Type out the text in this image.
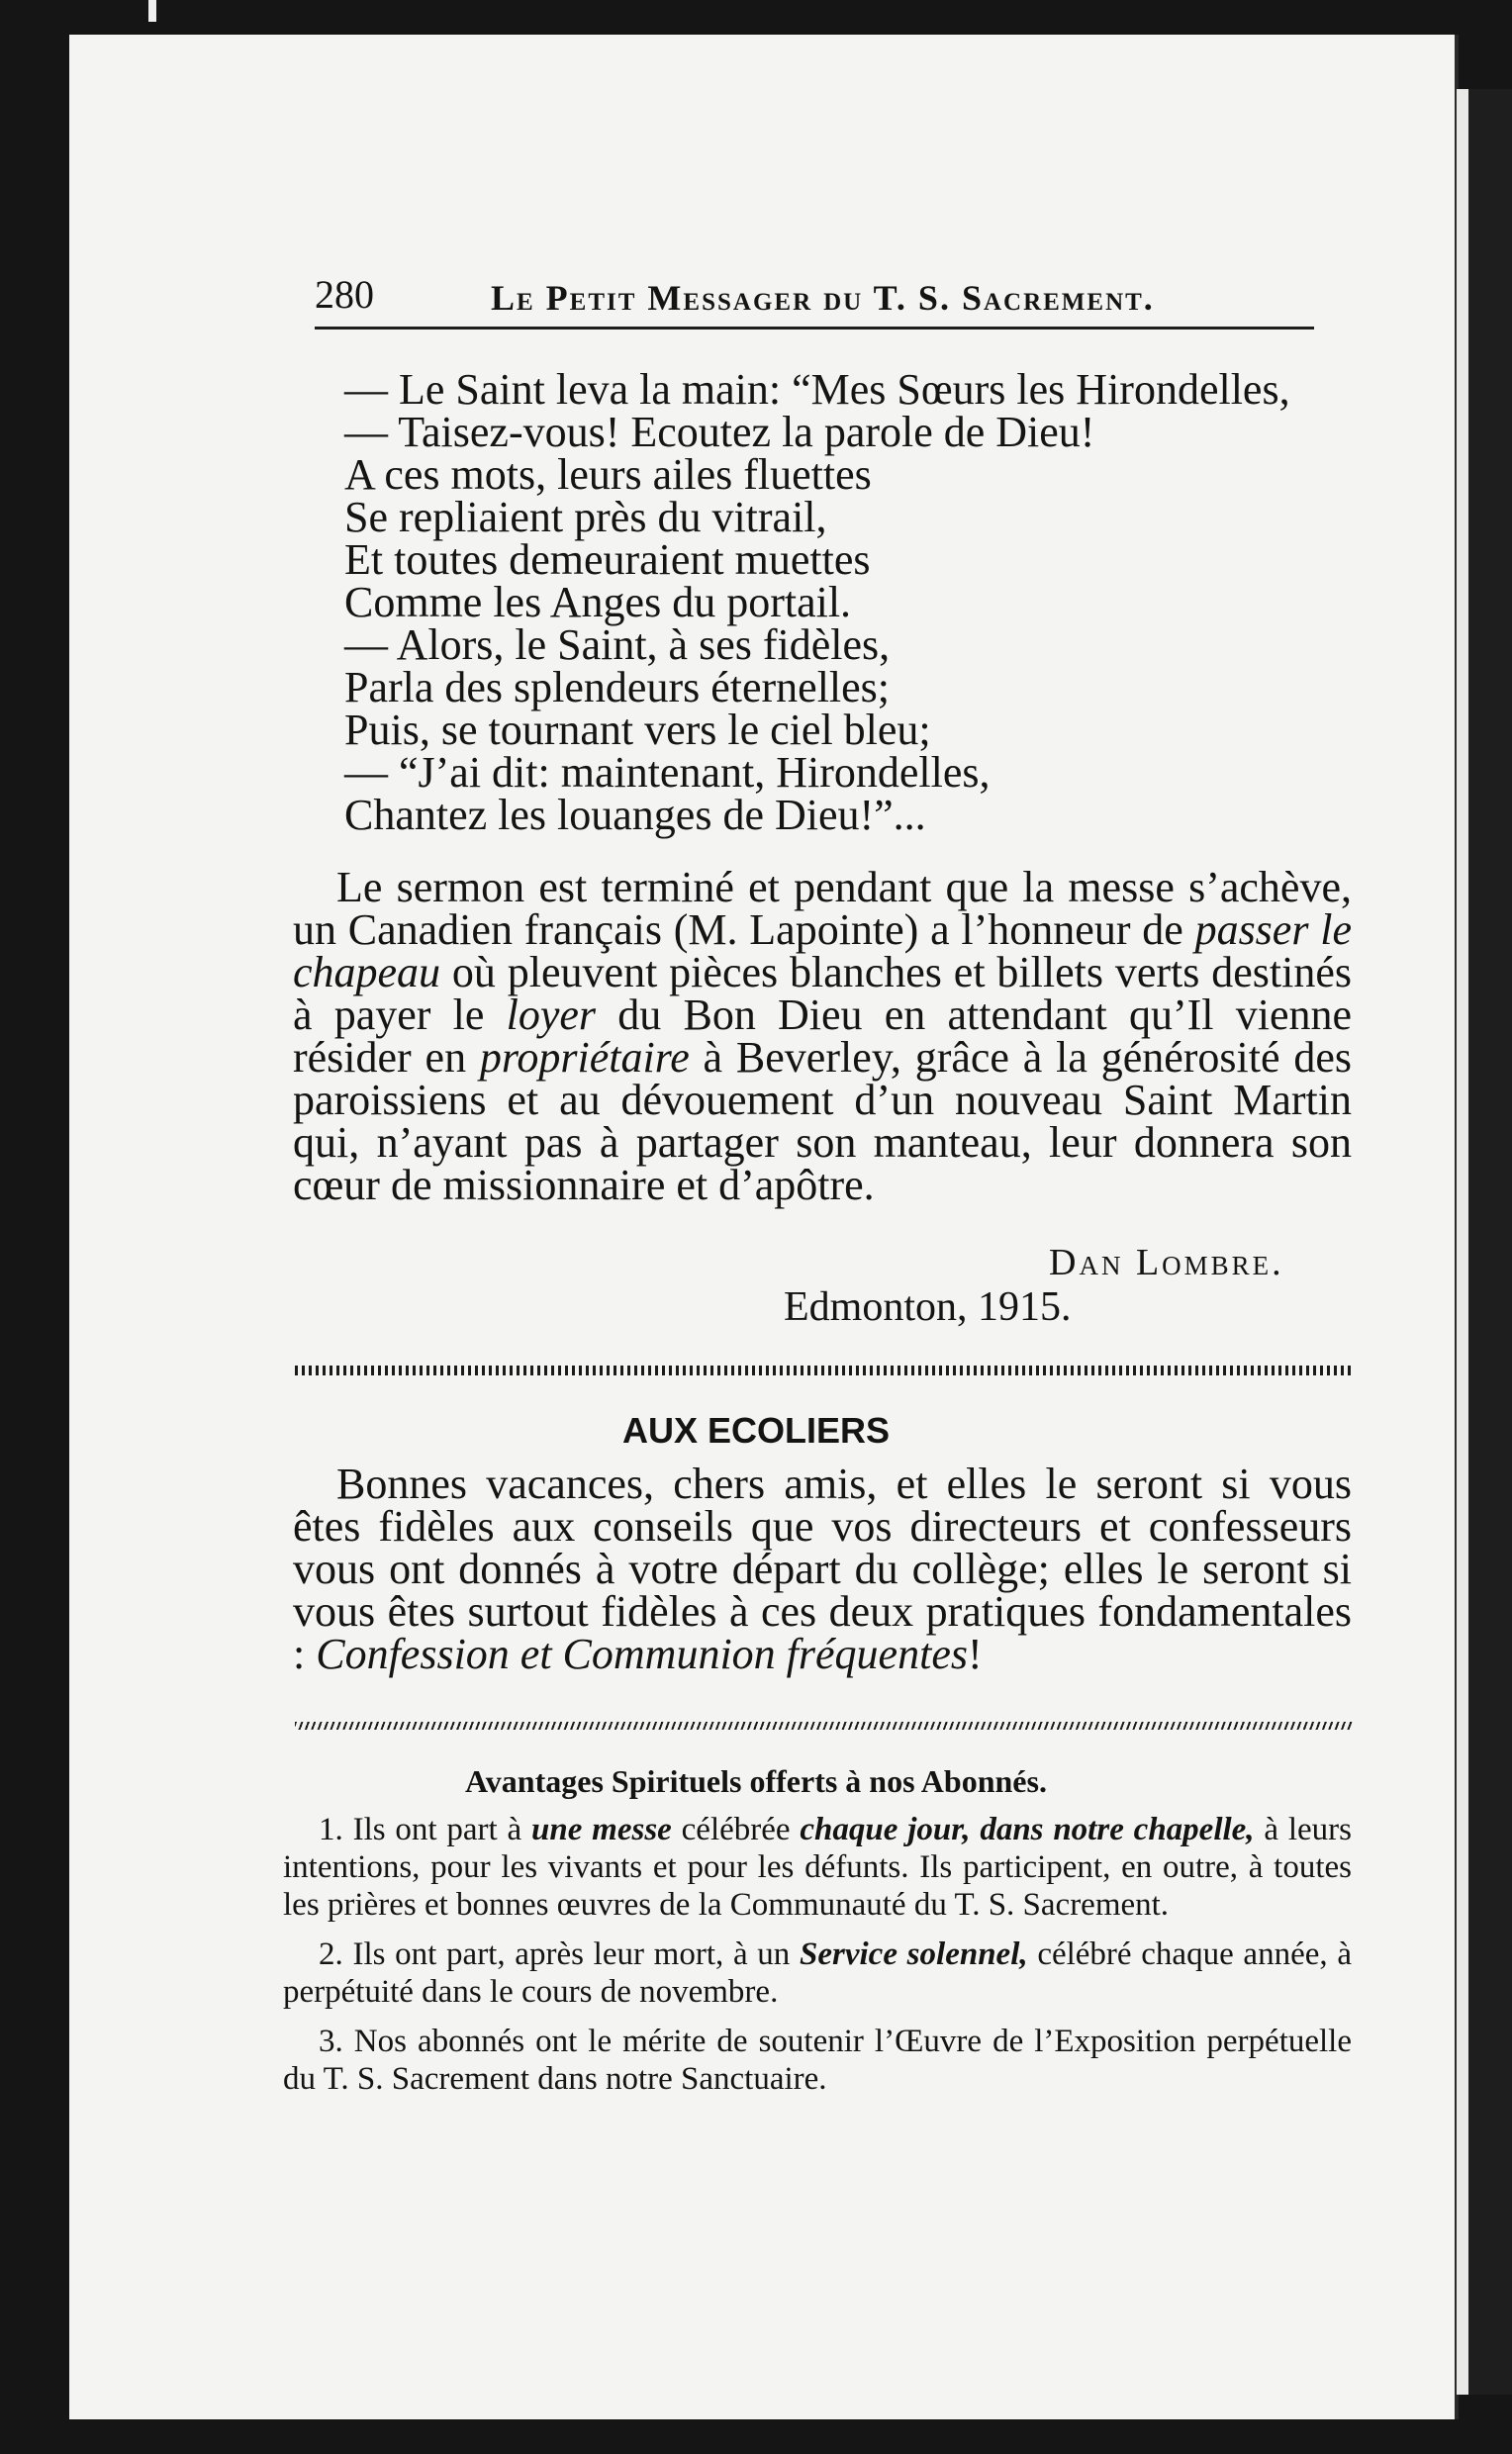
280	Le Petit Messager du T. S. Sacrement.
— Le Saint leva la main: “Mes Sœurs les Hirondelles,
— Taisez-vous! Ecoutez la parole de Dieu!
A ces mots, leurs ailes fluettes
Se repliaient près du vitrail,
Et toutes demeuraient muettes
Comme les Anges du portail.
— Alors, le Saint, à ses fidèles,
Parla des splendeurs éternelles;
Puis, se tournant vers le ciel bleu;
— “J’ai dit: maintenant, Hirondelles,
Chantez les louanges de Dieu!”...

Le sermon est terminé et pendant que la messe s’achève, un Canadien français (M. Lapointe) a l’honneur de passer le chapeau où pleuvent pièces blanches et billets verts destinés à payer le loyer du Bon Dieu en attendant qu’Il vienne résider en propriétaire à Beverley, grâce à la générosité des paroissiens et au dévouement d’un nouveau Saint Martin qui, n’ayant pas à partager son manteau, leur donnera son cœur de missionnaire et d’apôtre.

Dan Lombre.
Edmonton, 1915.
AUX ECOLIERS

Bonnes vacances, chers amis, et elles le seront si vous êtes fidèles aux conseils que vos directeurs et confesseurs vous ont donnés à votre départ du collège; elles le seront si vous êtes surtout fidèles à ces deux pratiques fondamentales : Confession et Communion fréquentes!

Avantages Spirituels offerts à nos Abonnés.

1. Ils ont part à une messe célébrée chaque jour, dans notre chapelle, à leurs intentions, pour les vivants et pour les défunts. Ils participent, en outre, à toutes les prières et bonnes œuvres de la Communauté du T. S. Sacrement.

2. Ils ont part, après leur mort, à un Service solennel, célébré chaque année, à perpétuité dans le cours de novembre.

3. Nos abonnés ont le mérite de soutenir l’Œuvre de l’Exposition perpétuelle du T. S. Sacrement dans notre Sanctuaire.
